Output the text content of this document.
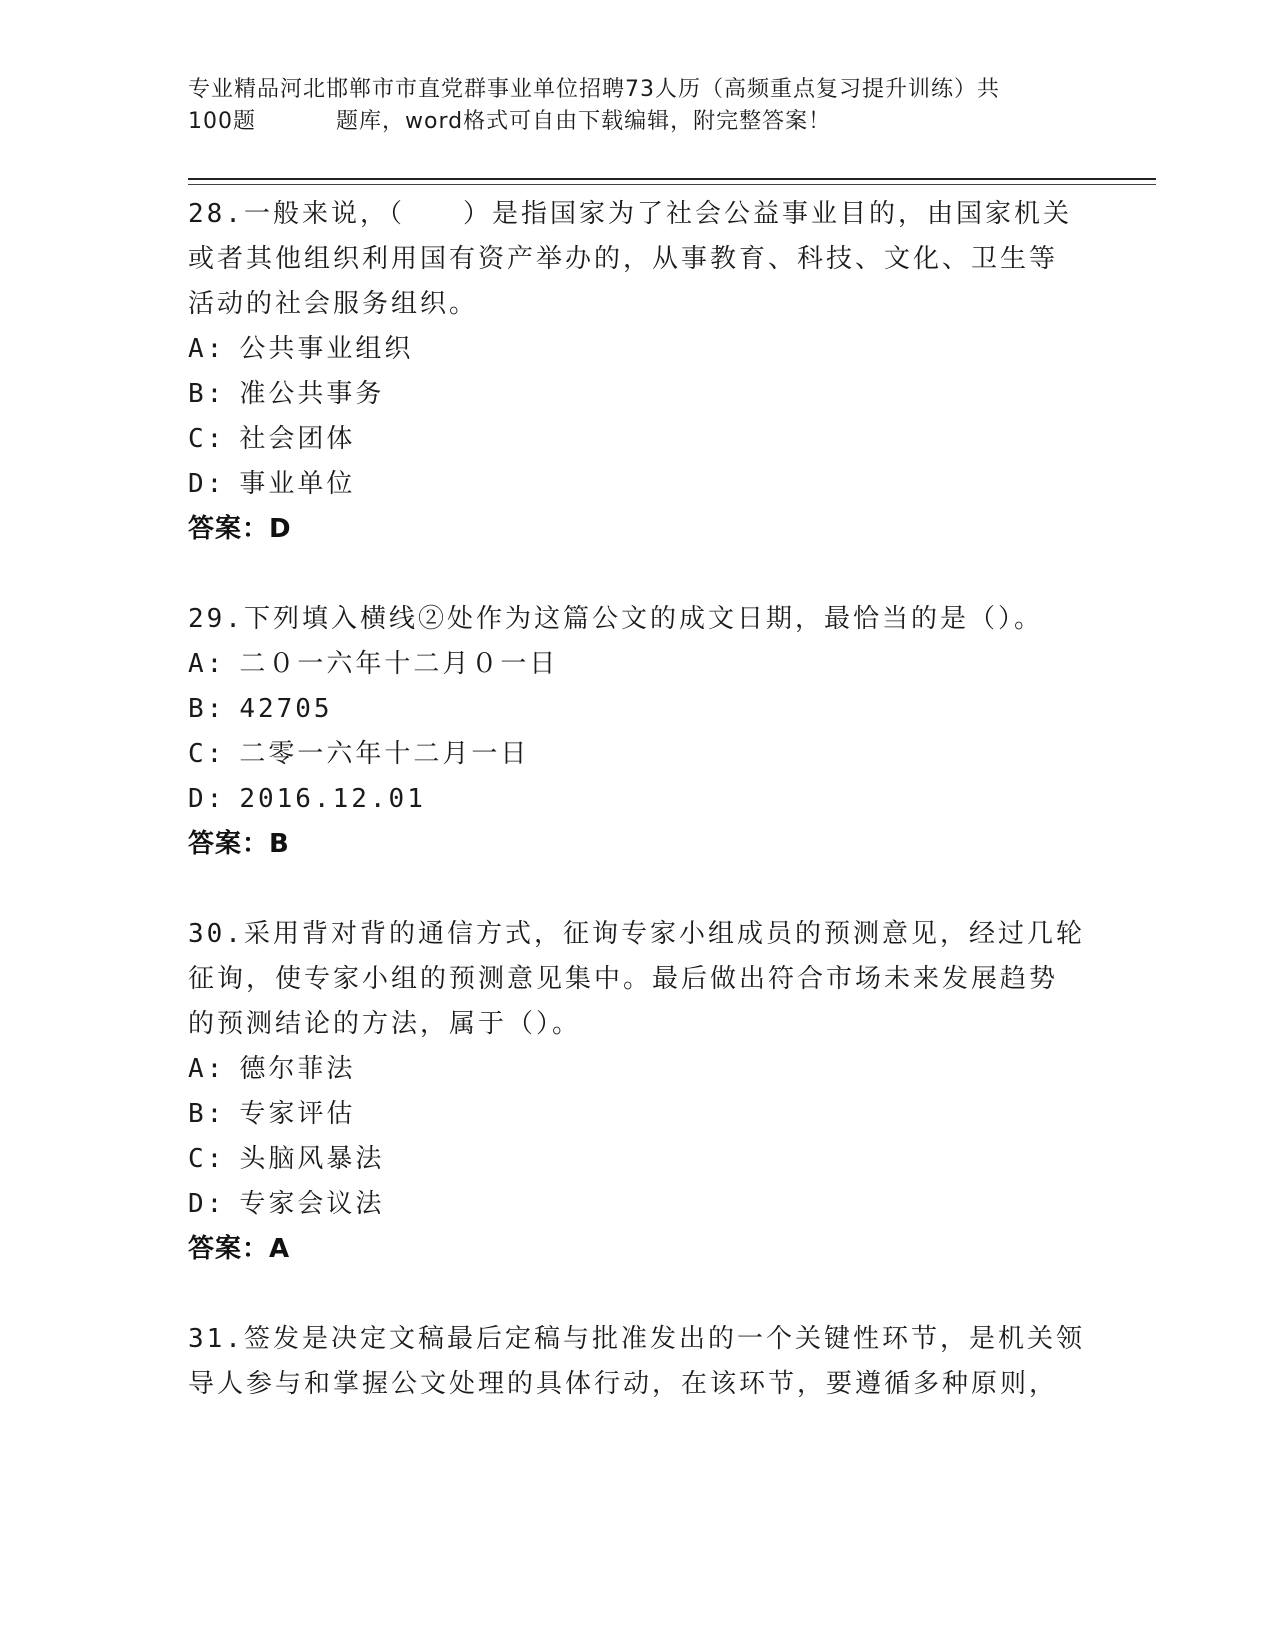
专业精品河北邯郸市市直党群事业单位招聘73人历（高频重点复习提升训练）共
100题	题库，word格式可自由下载编辑，附完整答案！
28.一般来说，（　　）是指国家为了社会公益事业目的，由国家机关
或者其他组织利用国有资产举办的，从事教育、科技、文化、卫生等
活动的社会服务组织。
A: 公共事业组织
B: 准公共事务
C: 社会团体
D: 事业单位
答案：D
29.下列填入横线②处作为这篇公文的成文日期，最恰当的是（）。
A: 二０一六年十二月０一日
B: 42705
C: 二零一六年十二月一日
D: 2016.12.01
答案：B
30.采用背对背的通信方式，征询专家小组成员的预测意见，经过几轮
征询，使专家小组的预测意见集中。最后做出符合市场未来发展趋势
的预测结论的方法，属于（）。
A: 德尔菲法
B: 专家评估
C: 头脑风暴法
D: 专家会议法
答案：A
31.签发是决定文稿最后定稿与批准发出的一个关键性环节，是机关领
导人参与和掌握公文处理的具体行动，在该环节，要遵循多种原则，
